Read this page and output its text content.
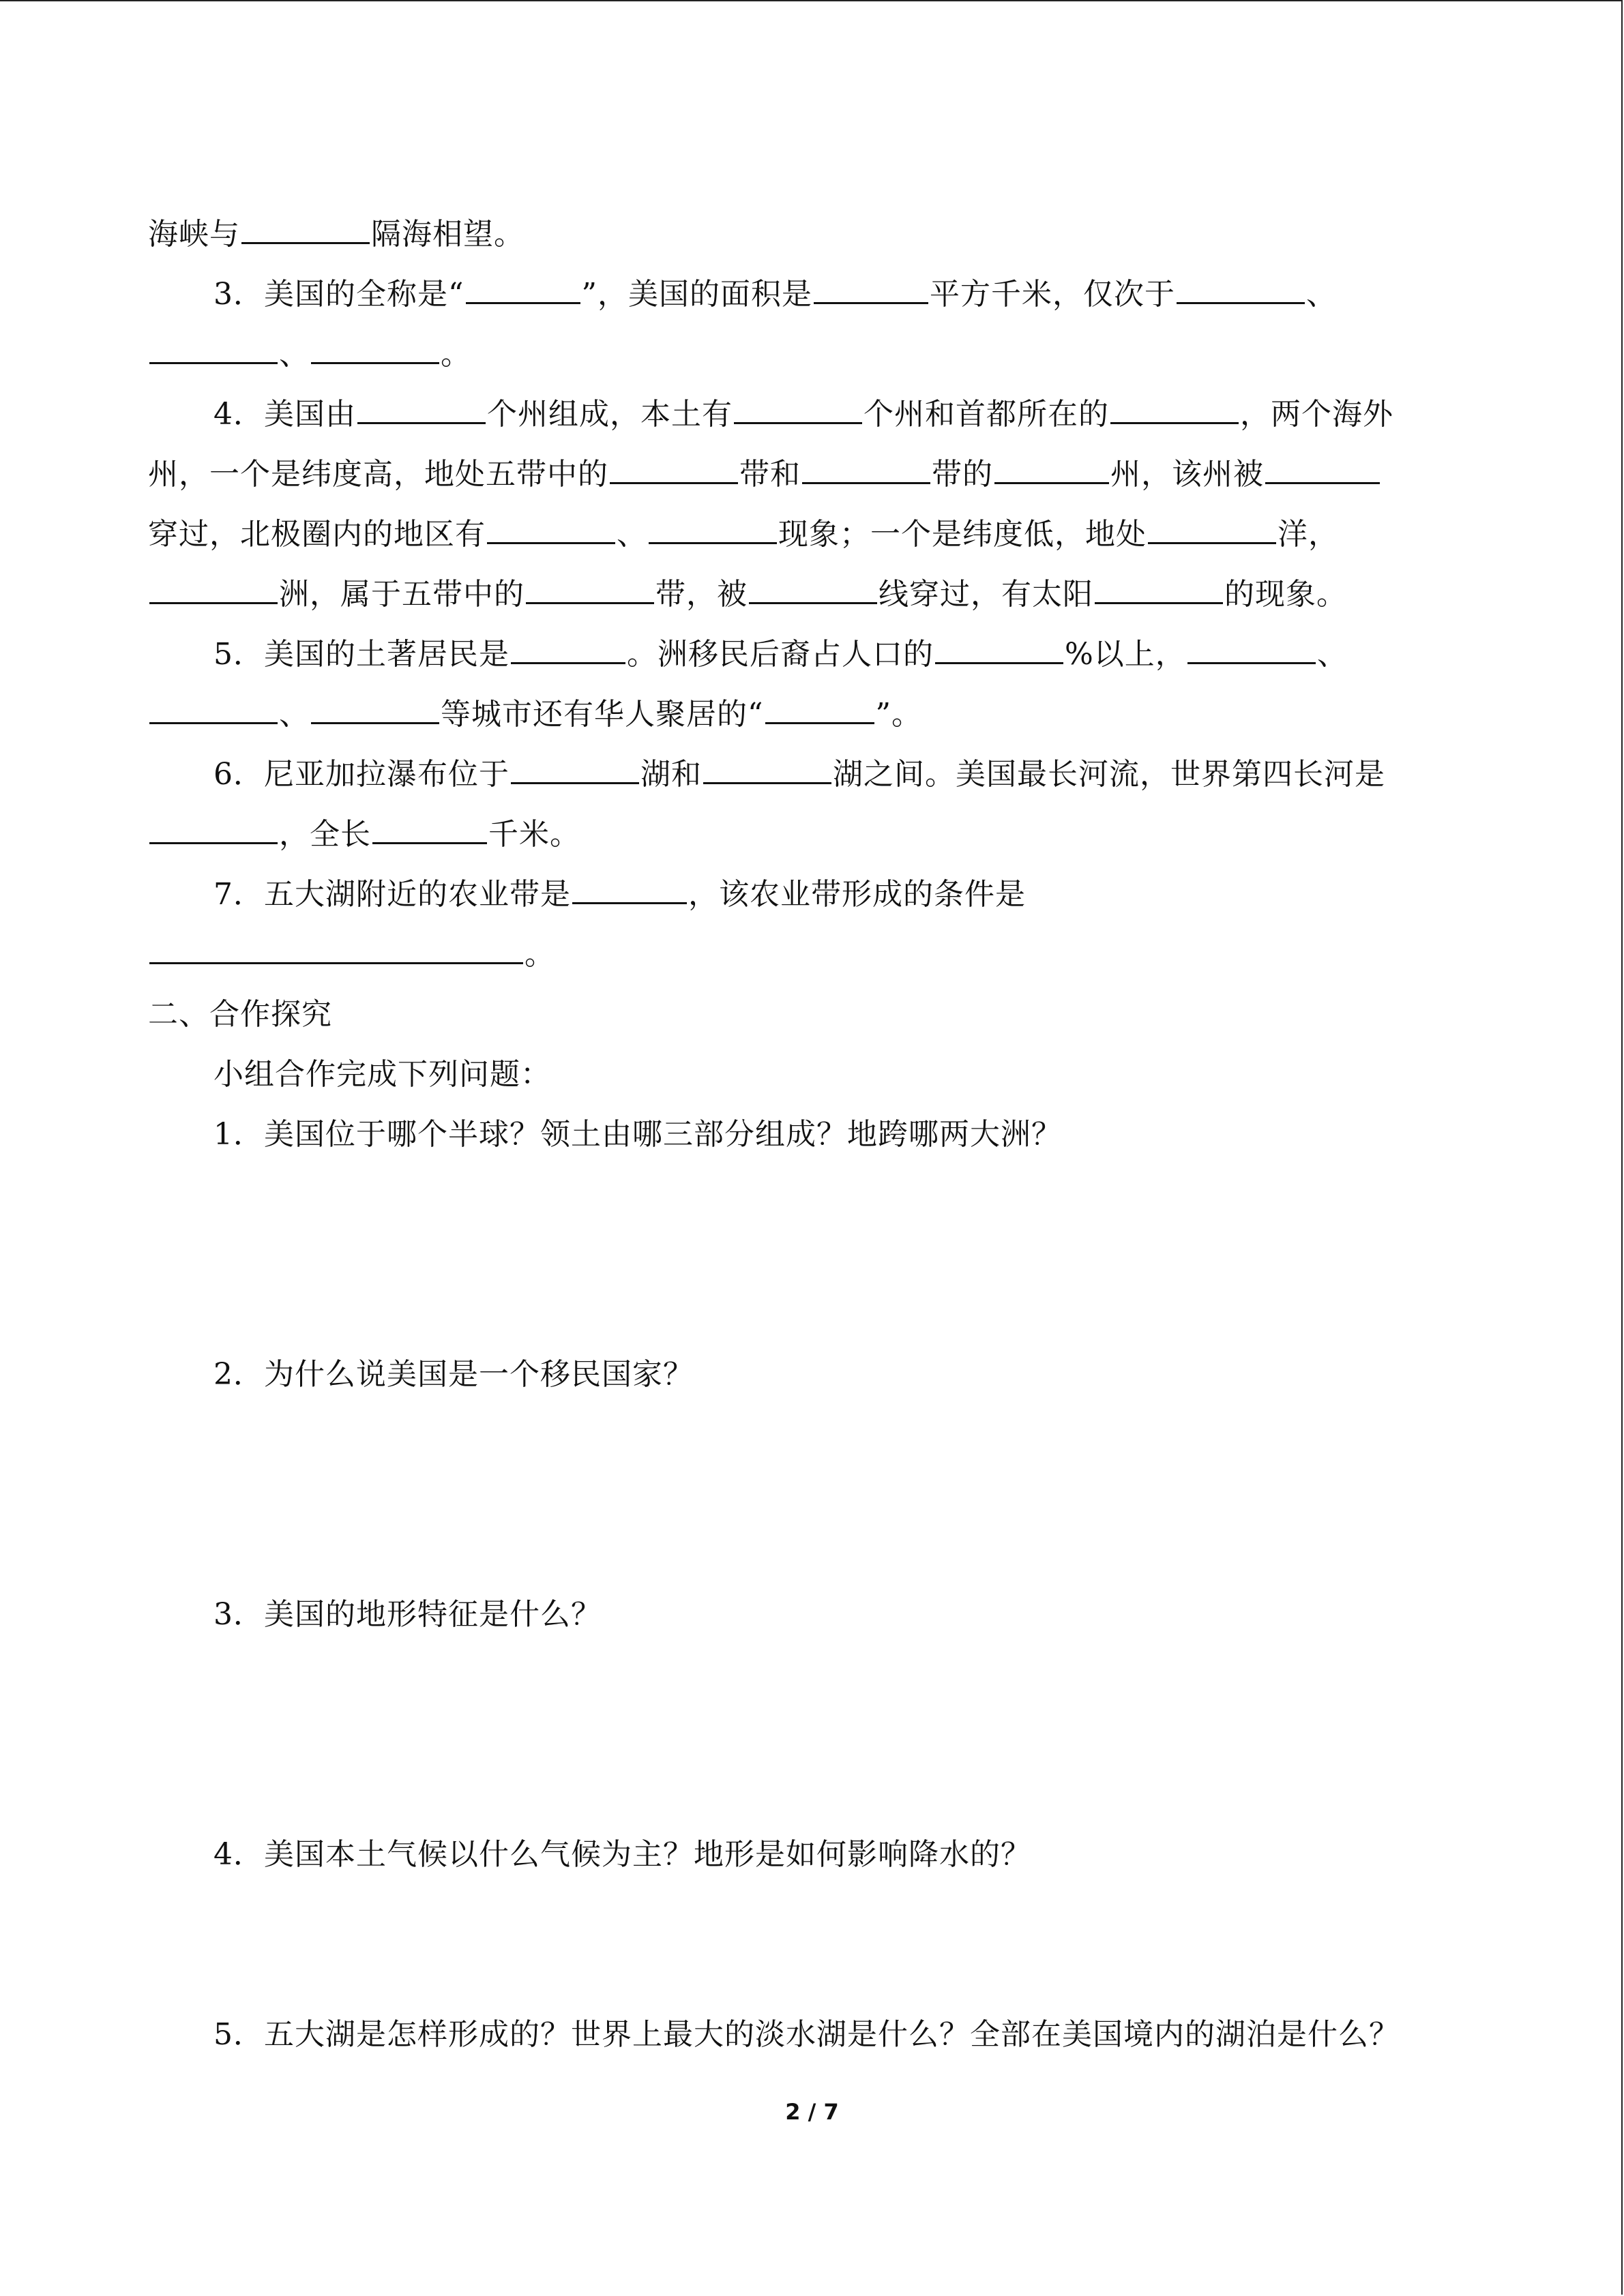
海峡与	隔海相望。
3．美国的全称是“	”，美国的面积是	平方千米，仅次于	、
、	。
4．美国由	个州组成，本土有	个州和首都所在的	，两个海外
州，一个是纬度高，地处五带中的	带和	带的	州，该州被
穿过，北极圈内的地区有	、	现象；一个是纬度低，地处	洋，
洲，属于五带中的	带，被	线穿过，有太阳	的现象。
5．美国的土著居民是	。洲移民后裔占人口的	%以上，	、
、	等城市还有华人聚居的“	”。
6．尼亚加拉瀑布位于	湖和	湖之间。美国最长河流，世界第四长河是
，全长	千米。
7．五大湖附近的农业带是	，该农业带形成的条件是
。
二、合作探究
小组合作完成下列问题：
1．美国位于哪个半球？领土由哪三部分组成？地跨哪两大洲？
2．为什么说美国是一个移民国家？
3．美国的地形特征是什么？
4．美国本土气候以什么气候为主？地形是如何影响降水的？
5．五大湖是怎样形成的？世界上最大的淡水湖是什么？全部在美国境内的湖泊是什么？
2 / 7
